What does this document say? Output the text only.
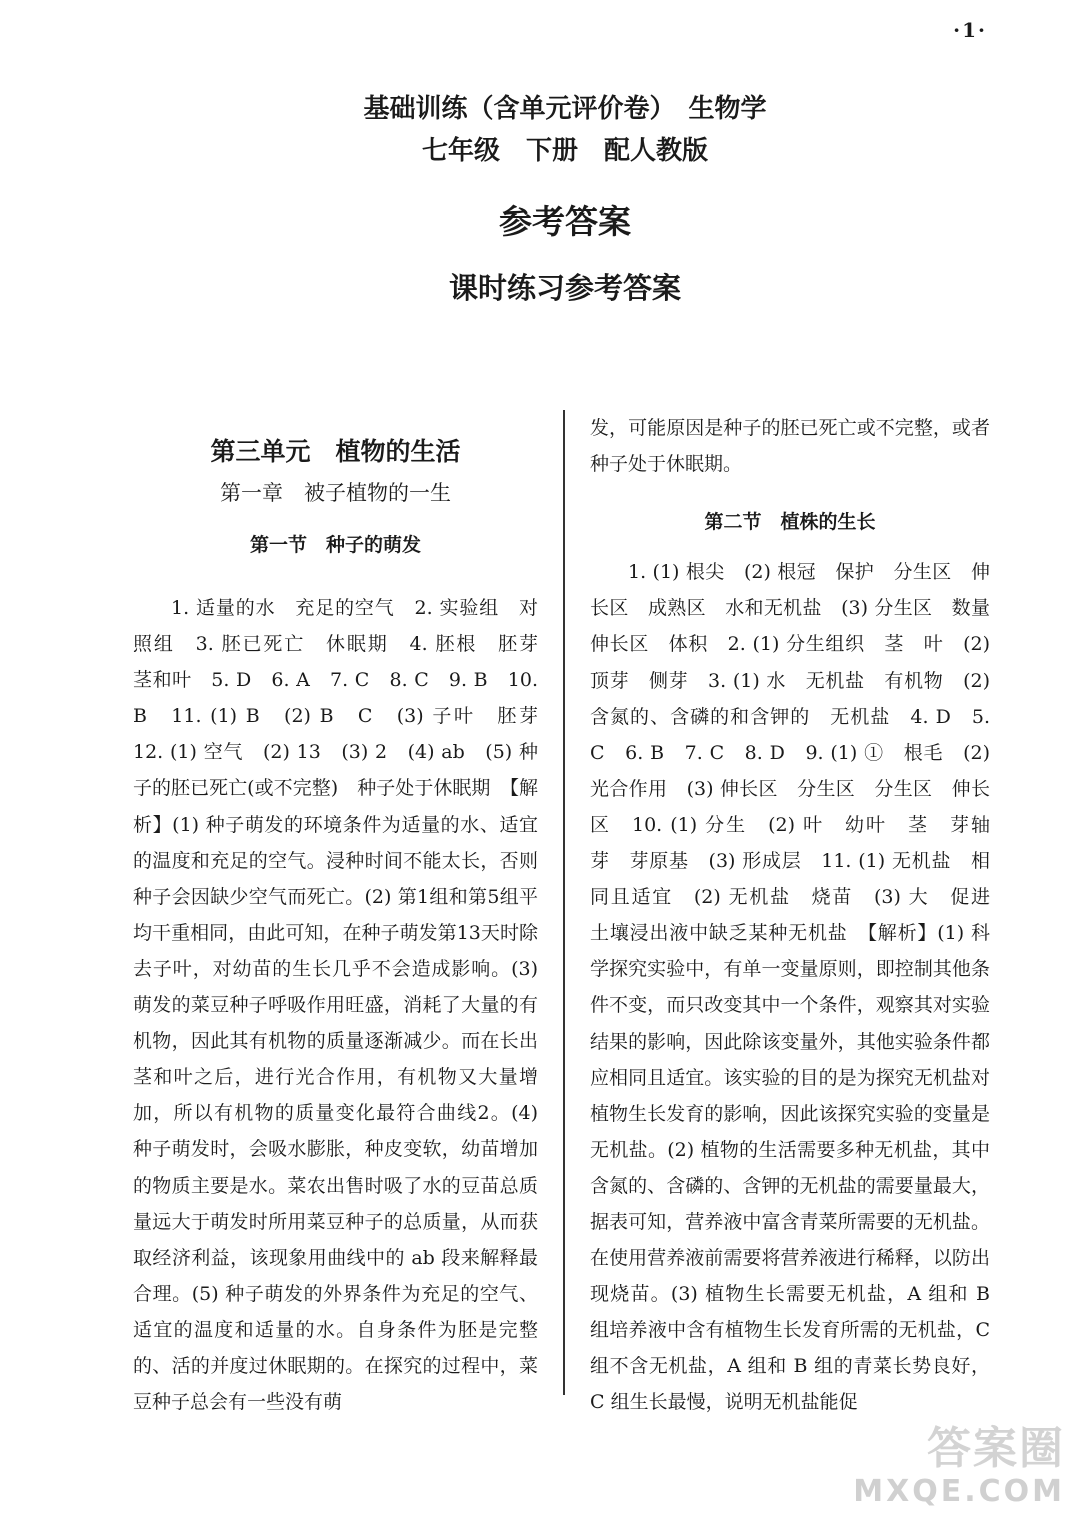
·1·
基础训练（含单元评价卷）　生物学
七年级　下册　配人教版
参考答案
课时练习参考答案
第三单元　植物的生活
第一章　被子植物的一生
第一节　种子的萌发

1. 适量的水　充足的空气　2. 实验组　对照组　3. 胚已死亡　休眠期　4. 胚根　胚芽　茎和叶　5. D　6. A　7. C　8. C　9. B　10. B　11. (1) B　(2) B　C　(3) 子叶　胚芽　12. (1) 空气　(2) 13　(3) 2　(4) ab　(5) 种子的胚已死亡(或不完整)　种子处于休眠期　【解析】(1) 种子萌发的环境条件为适量的水、适宜的温度和充足的空气。浸种时间不能太长，否则种子会因缺少空气而死亡。(2) 第1组和第5组平均干重相同，由此可知，在种子萌发第13天时除去子叶，对幼苗的生长几乎不会造成影响。(3) 萌发的菜豆种子呼吸作用旺盛，消耗了大量的有机物，因此其有机物的质量逐渐减少。而在长出茎和叶之后，进行光合作用，有机物又大量增加，所以有机物的质量变化最符合曲线2。(4) 种子萌发时，会吸水膨胀，种皮变软，幼苗增加的物质主要是水。菜农出售时吸了水的豆苗总质量远大于萌发时所用菜豆种子的总质量，从而获取经济利益，该现象用曲线中的 ab 段来解释最合理。(5) 种子萌发的外界条件为充足的空气、适宜的温度和适量的水。自身条件为胚是完整的、活的并度过休眠期的。在探究的过程中，菜豆种子总会有一些没有萌

发，可能原因是种子的胚已死亡或不完整，或者种子处于休眠期。

第二节　植株的生长

1. (1) 根尖　(2) 根冠　保护　分生区　伸长区　成熟区　水和无机盐　(3) 分生区　数量　伸长区　体积　2. (1) 分生组织　茎　叶　(2) 顶芽　侧芽　3. (1) 水　无机盐　有机物　(2) 含氮的、含磷的和含钾的　无机盐　4. D　5. C　6. B　7. C　8. D　9. (1) ①　根毛　(2) 光合作用　(3) 伸长区　分生区　分生区　伸长区　10. (1) 分生　(2) 叶　幼叶　茎　芽轴　芽　芽原基　(3) 形成层　11. (1) 无机盐　相同且适宜　(2) 无机盐　烧苗　(3) 大　促进　土壤浸出液中缺乏某种无机盐　【解析】(1) 科学探究实验中，有单一变量原则，即控制其他条件不变，而只改变其中一个条件，观察其对实验结果的影响，因此除该变量外，其他实验条件都应相同且适宜。该实验的目的是为探究无机盐对植物生长发育的影响，因此该探究实验的变量是无机盐。(2) 植物的生活需要多种无机盐，其中含氮的、含磷的、含钾的无机盐的需要量最大，据表可知，营养液中富含青菜所需要的无机盐。在使用营养液前需要将营养液进行稀释，以防出现烧苗。(3) 植物生长需要无机盐，A 组和 B 组培养液中含有植物生长发育所需的无机盐，C 组不含无机盐，A 组和 B 组的青菜长势良好，C 组生长最慢，说明无机盐能促

答案圈
MXQE.COM
